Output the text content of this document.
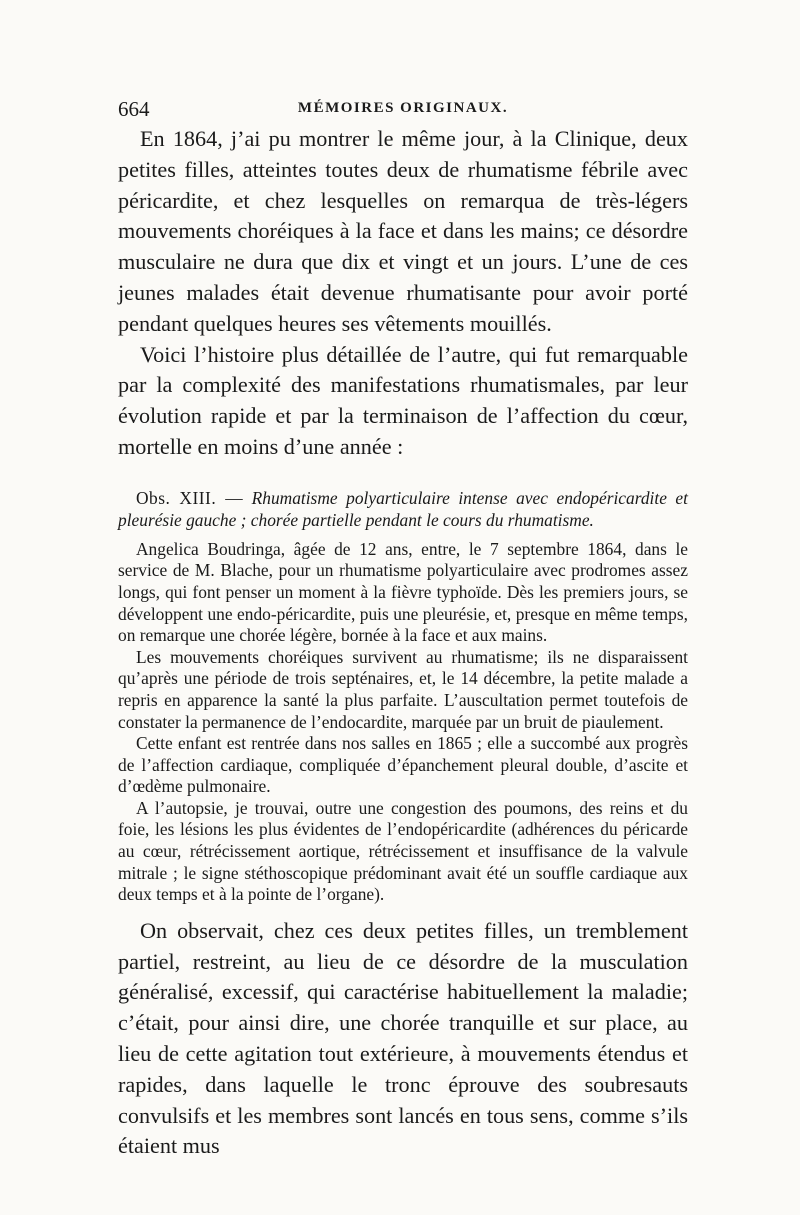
664	MÉMOIRES ORIGINAUX.

En 1864, j’ai pu montrer le même jour, à la Clinique, deux petites filles, atteintes toutes deux de rhumatisme fébrile avec péricardite, et chez lesquelles on remarqua de très-légers mouvements choréiques à la face et dans les mains; ce désordre musculaire ne dura que dix et vingt et un jours. L’une de ces jeunes malades était devenue rhumatisante pour avoir porté pendant quelques heures ses vêtements mouillés.

Voici l’histoire plus détaillée de l’autre, qui fut remarquable par la complexité des manifestations rhumatismales, par leur évolution rapide et par la terminaison de l’affection du cœur, mortelle en moins d’une année :

Obs. XIII. — Rhumatisme polyarticulaire intense avec endopéricardite et pleurésie gauche ; chorée partielle pendant le cours du rhumatisme.

Angelica Boudringa, âgée de 12 ans, entre, le 7 septembre 1864, dans le service de M. Blache, pour un rhumatisme polyarticulaire avec prodromes assez longs, qui font penser un moment à la fièvre typhoïde. Dès les premiers jours, se développent une endo-péricardite, puis une pleurésie, et, presque en même temps, on remarque une chorée légère, bornée à la face et aux mains.

Les mouvements choréiques survivent au rhumatisme; ils ne disparaissent qu’après une période de trois septénaires, et, le 14 décembre, la petite malade a repris en apparence la santé la plus parfaite. L’auscultation permet toutefois de constater la permanence de l’endocardite, marquée par un bruit de piaulement.

Cette enfant est rentrée dans nos salles en 1865 ; elle a succombé aux progrès de l’affection cardiaque, compliquée d’épanchement pleural double, d’ascite et d’œdème pulmonaire.

A l’autopsie, je trouvai, outre une congestion des poumons, des reins et du foie, les lésions les plus évidentes de l’endopéricardite (adhérences du péricarde au cœur, rétrécissement aortique, rétrécissement et insuffisance de la valvule mitrale ; le signe stéthoscopique prédominant avait été un souffle cardiaque aux deux temps et à la pointe de l’organe).

On observait, chez ces deux petites filles, un tremblement partiel, restreint, au lieu de ce désordre de la musculation généralisé, excessif, qui caractérise habituellement la maladie; c’était, pour ainsi dire, une chorée tranquille et sur place, au lieu de cette agitation tout extérieure, à mouvements étendus et rapides, dans laquelle le tronc éprouve des soubresauts convulsifs et les membres sont lancés en tous sens, comme s’ils étaient mus
